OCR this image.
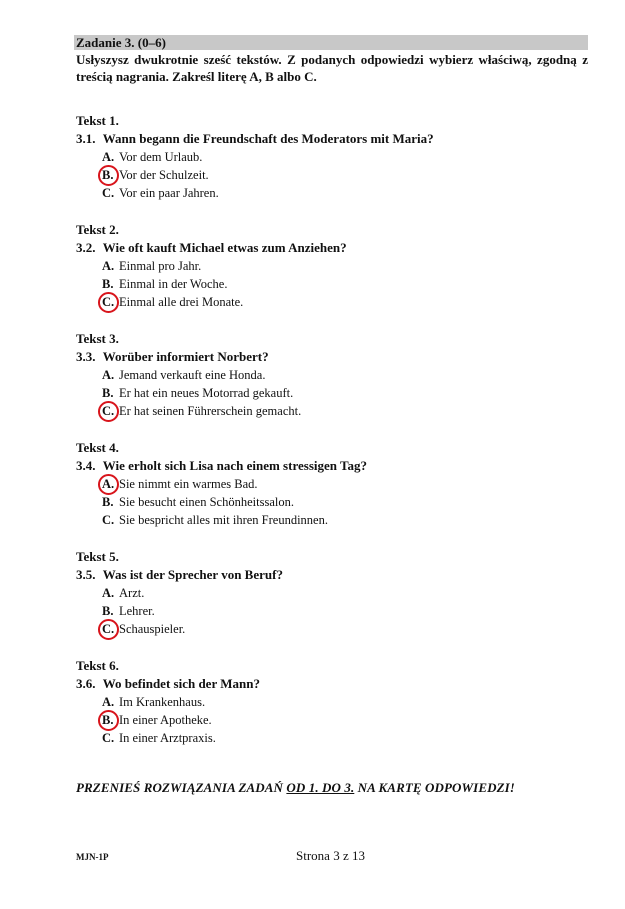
Zadanie 3. (0–6)
Usłyszysz dwukrotnie sześć tekstów. Z podanych odpowiedzi wybierz właściwą, zgodną z treścią nagrania. Zakreśl literę A, B albo C.
Tekst 1.
3.1. Wann begann die Freundschaft des Moderators mit Maria?
A. Vor dem Urlaub.
B. Vor der Schulzeit.
C. Vor ein paar Jahren.
Tekst 2.
3.2. Wie oft kauft Michael etwas zum Anziehen?
A. Einmal pro Jahr.
B. Einmal in der Woche.
C. Einmal alle drei Monate.
Tekst 3.
3.3. Worüber informiert Norbert?
A. Jemand verkauft eine Honda.
B. Er hat ein neues Motorrad gekauft.
C. Er hat seinen Führerschein gemacht.
Tekst 4.
3.4. Wie erholt sich Lisa nach einem stressigen Tag?
A. Sie nimmt ein warmes Bad.
B. Sie besucht einen Schönheitssalon.
C. Sie bespricht alles mit ihren Freundinnen.
Tekst 5.
3.5. Was ist der Sprecher von Beruf?
A. Arzt.
B. Lehrer.
C. Schauspieler.
Tekst 6.
3.6. Wo befindet sich der Mann?
A. Im Krankenhaus.
B. In einer Apotheke.
C. In einer Arztpraxis.
PRZENIEŚ ROZWIĄZANIA ZADAŃ OD 1. DO 3. NA KARTĘ ODPOWIEDZI!
MJN-1P	Strona 3 z 13
